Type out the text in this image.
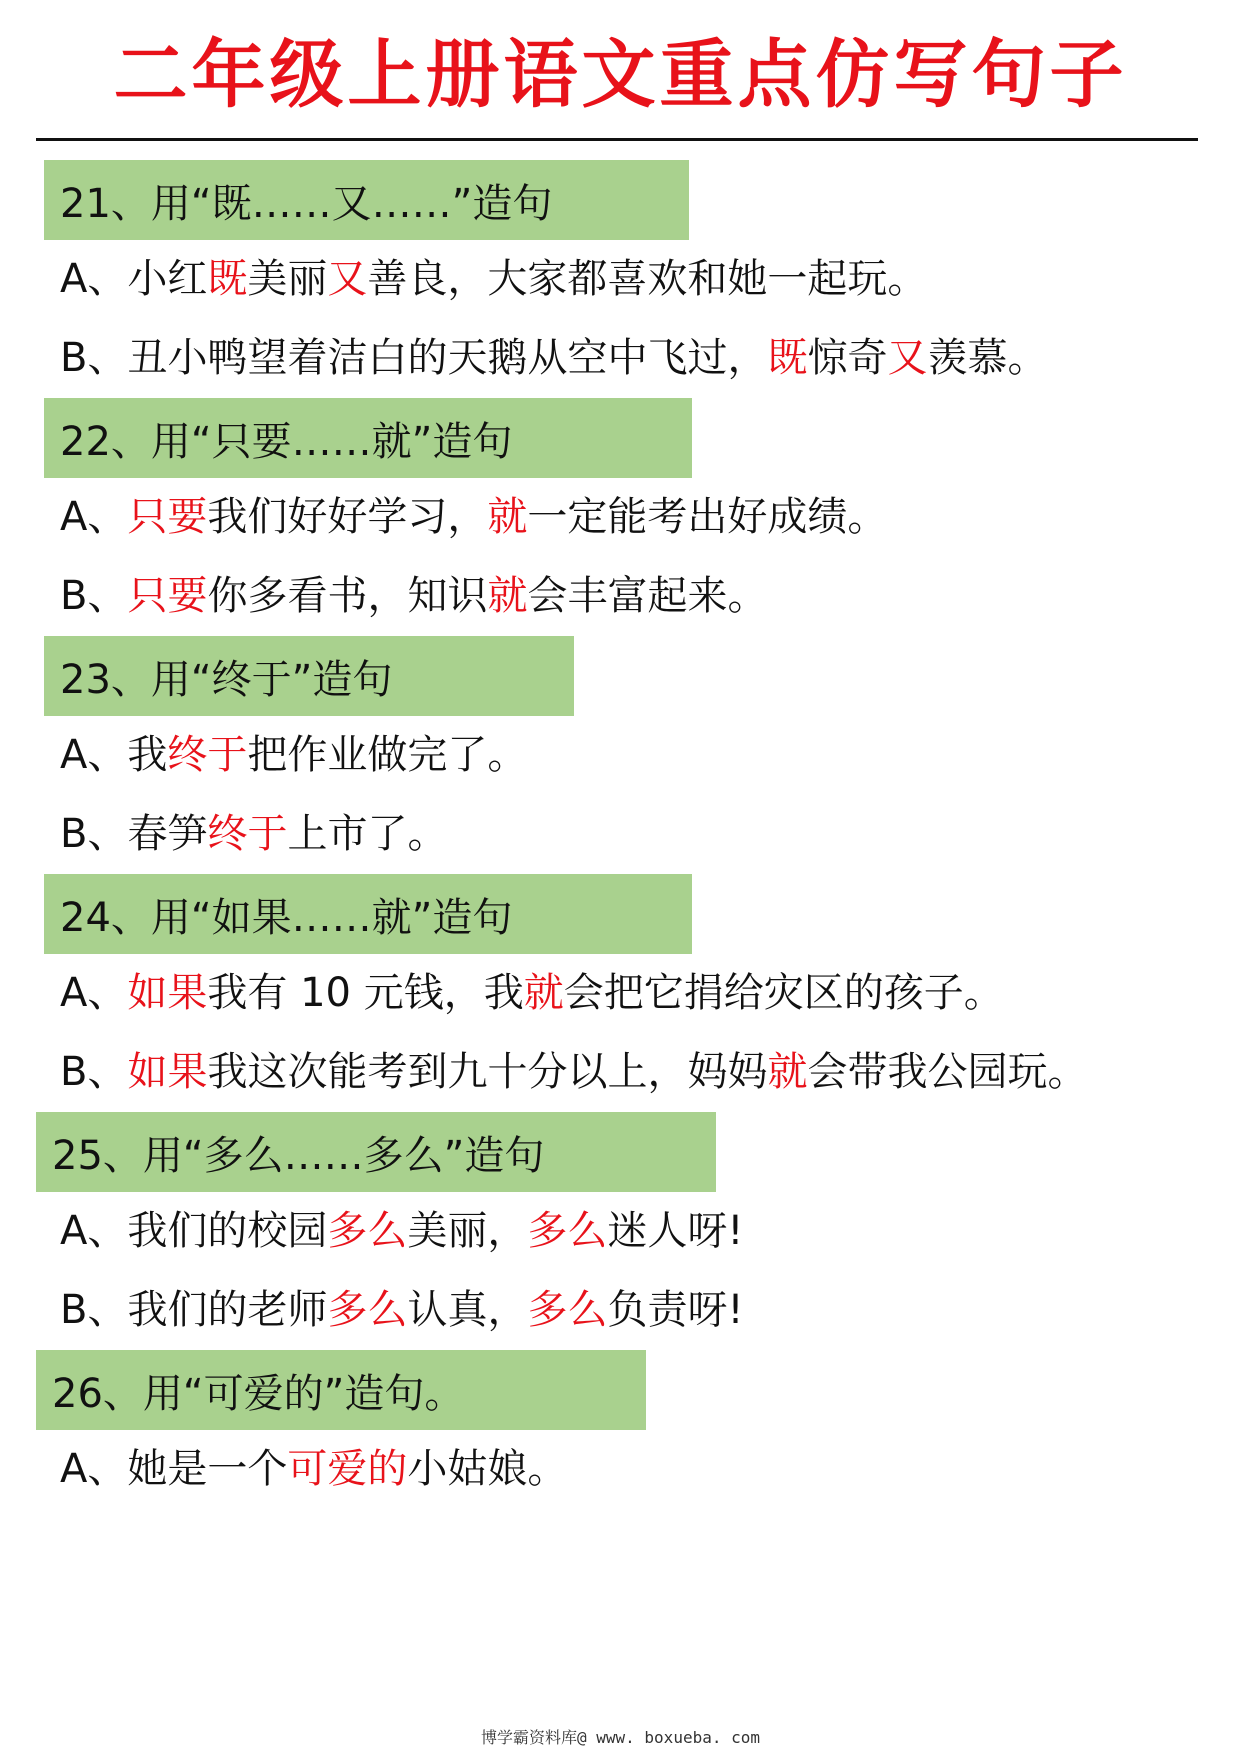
二年级上册语文重点仿写句子
21、用“既……又……”造句
A、小红既美丽又善良，大家都喜欢和她一起玩。
B、丑小鸭望着洁白的天鹅从空中飞过，既惊奇又羡慕。
22、用“只要……就”造句
A、只要我们好好学习，就一定能考出好成绩。
B、只要你多看书，知识就会丰富起来。
23、用“终于”造句
A、我终于把作业做完了。
B、春笋终于上市了。
24、用“如果……就”造句
A、如果我有 10 元钱，我就会把它捐给灾区的孩子。
B、如果我这次能考到九十分以上，妈妈就会带我公园玩。
25、用“多么……多么”造句
A、我们的校园多么美丽，多么迷人呀!
B、我们的老师多么认真，多么负责呀!
26、用“可爱的”造句。
A、她是一个可爱的小姑娘。
博学霸资料库@ www. boxueba. com
